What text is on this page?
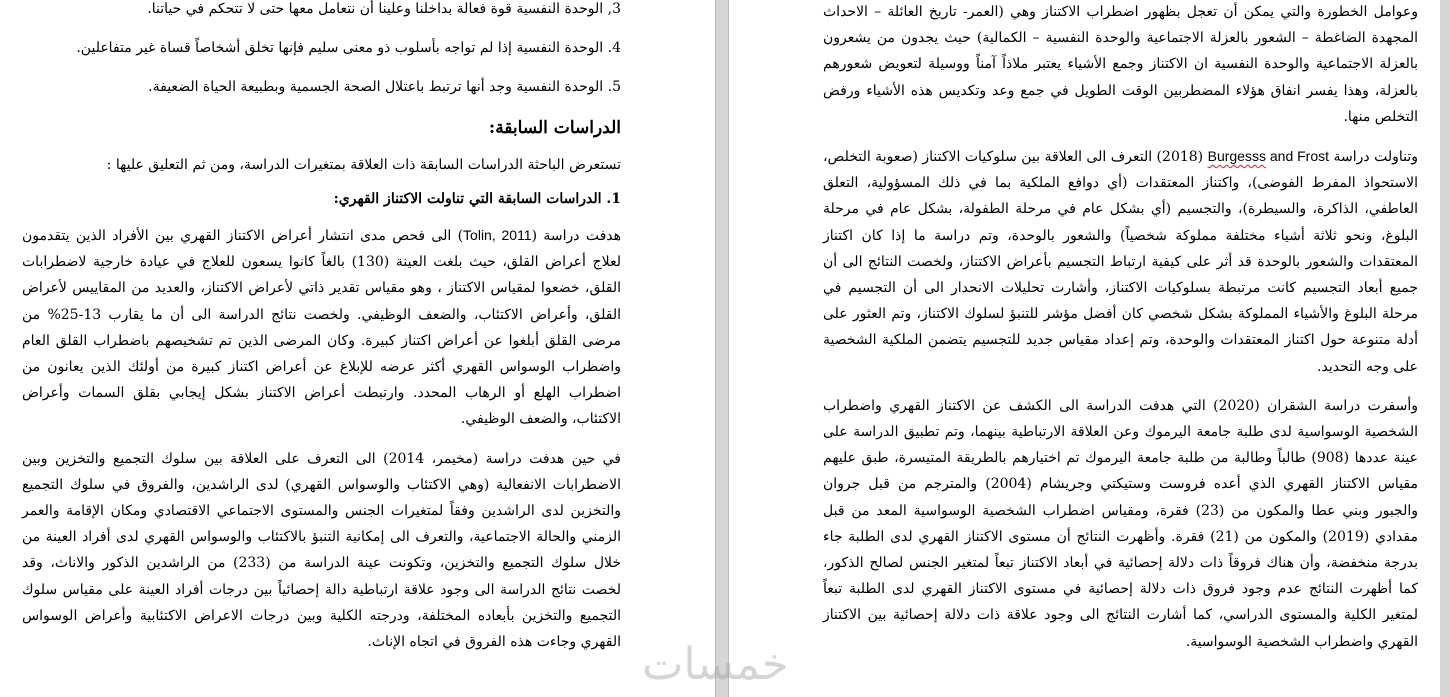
3, الوحدة النفسية قوة فعالة بداخلنا وعلينا أن نتعامل معها حتى لا تتحكم في حياتنا.

4. الوحدة النفسية إذا لم تواجه بأسلوب ذو معنى سليم فإنها تخلق أشخاصاً قساة غير متفاعلين.

5. الوحدة النفسية وجد أنها ترتبط باعتلال الصحة الجسمية وبطبيعة الحياة الضعيفة.

الدراسات السابقة:

تستعرض الباحثة الدراسات السابقة ذات العلاقة بمتغيرات الدراسة، ومن ثم التعليق عليها :

1. الدراسات السابقة التي تناولت الاكتناز القهري:

هدفت دراسة (Tolin, 2011) الى فحص مدى انتشار أعراض الاكتناز القهري بين الأفراد الذين يتقدمون لعلاج أعراض القلق، حيث بلغت العينة (130) بالغاً كانوا يسعون للعلاج في عيادة خارجية لاضطرابات القلق، خضعوا لمقياس الاكتناز ، وهو مقياس تقدير ذاتي لأعراض الاكتناز، والعديد من المقاييس لأعراض القلق، وأعراض الاكتئاب، والضعف الوظيفي. ولخصت نتائج الدراسة الى أن ما يقارب 13-25% من مرضى القلق أبلغوا عن أعراض اكتناز كبيرة. وكان المرضى الذين تم تشخيصهم باضطراب القلق العام واضطراب الوسواس القهري أكثر عرضه للإبلاغ عن أعراض اكتناز كبيرة من أولئك الذين يعانون من اضطراب الهلع أو الرهاب المحدد. وارتبطت أعراض الاكتناز بشكل إيجابي بقلق السمات وأعراض الاكتئاب، والضعف الوظيفي.

في حين هدفت دراسة (مخيمر، 2014) الى التعرف على العلاقة بين سلوك التجميع والتخزين وبين الاضطرابات الانفعالية (وهي الاكتئاب والوسواس القهري) لدى الراشدين، والفروق في سلوك التجميع والتخزين لدى الراشدين وفقاً لمتغيرات الجنس والمستوى الاجتماعي الاقتصادي ومكان الإقامة والعمر الزمني والحالة الاجتماعية، والتعرف الى إمكانية التنبؤ بالاكتئاب والوسواس القهري لدى أفراد العينة من خلال سلوك التجميع والتخزين، وتكونت عينة الدراسة من (233) من الراشدين الذكور والاناث، وقد لخصت نتائج الدراسة الى وجود علاقة ارتباطية دالة إحصائياً بين درجات أفراد العينة على مقياس سلوك التجميع والتخزين بأبعاده المختلفة، ودرجته الكلية وبين درجات الاعراض الاكتئابية وأعراض الوسواس القهري وجاءت هذه الفروق في اتجاه الإناث.

وعوامل الخطورة والتي يمكن أن تعجل بظهور اضطراب الاكتناز وهي (العمر- تاريخ العائلة – الاحداث المجهدة الضاغطة – الشعور بالعزلة الاجتماعية والوحدة النفسية – الكمالية) حيث يجدون من يشعرون بالعزلة الاجتماعية والوحدة النفسية ان الاكتناز وجمع الأشياء يعتبر ملاذاً آمناً ووسيلة لتعويض شعورهم بالعزلة، وهذا يفسر انفاق هؤلاء المضطربين الوقت الطويل في جمع وعد وتكديس هذه الأشياء ورفض التخلص منها.

وتناولت دراسة Burgesss and Frost (2018) التعرف الى العلاقة بين سلوكيات الاكتناز (صعوبة التخلص، الاستحواذ المفرط الفوضى)، واكتناز المعتقدات (أي دوافع الملكية بما في ذلك المسؤولية، التعلق العاطفي، الذاكرة، والسيطرة)، والتجسيم (أي بشكل عام في مرحلة الطفولة، بشكل عام في مرحلة البلوغ، ونحو ثلاثة أشياء مختلفة مملوكة شخصياً) والشعور بالوحدة، وتم دراسة ما إذا كان اكتناز المعتقدات والشعور بالوحدة قد أثر على كيفية ارتباط التجسيم بأعراض الاكتناز، ولخصت النتائج الى أن جميع أبعاد التجسيم كانت مرتبطة بسلوكيات الاكتناز، وأشارت تحليلات الانحدار الى أن التجسيم في مرحلة البلوغ والأشياء المملوكة بشكل شخصي كان أفضل مؤشر للتنبؤ لسلوك الاكتناز، وتم العثور على أدلة متنوعة حول اكتناز المعتقدات والوحدة، وتم إعداد مقياس جديد للتجسيم يتضمن الملكية الشخصية على وجه التحديد.

وأسفرت دراسة الشقران (2020) التي هدفت الدراسة الى الكشف عن الاكتناز القهري واضطراب الشخصية الوسواسية لدى طلبة جامعة اليرموك وعن العلاقة الارتباطية بينهما، وتم تطبيق الدراسة على عينة عددها (908) طالباً وطالبة من طلبة جامعة اليرموك تم اختيارهم بالطريقة المتيسرة، طبق عليهم مقياس الاكتناز القهري الذي أعده فروست وستيكتي وجريشام (2004) والمترجم من قبل جروان والجبور وبني عطا والمكون من (23) فقرة، ومقياس اضطراب الشخصية الوسواسية المعد من قبل مقدادي (2019) والمكون من (21) فقرة. وأظهرت النتائج أن مستوى الاكتناز القهري لدى الطلبة جاء بدرجة منخفضة، وأن هناك فروقاً ذات دلالة إحصائية في أبعاد الاكتناز تبعاً لمتغير الجنس لصالح الذكور، كما أظهرت النتائج عدم وجود فروق ذات دلالة إحصائية في مستوى الاكتناز القهري لدى الطلبة تبعاً لمتغير الكلية والمستوى الدراسي، كما أشارت النتائج الى وجود علاقة ذات دلالة إحصائية بين الاكتناز القهري واضطراب الشخصية الوسواسية.

خمسات
